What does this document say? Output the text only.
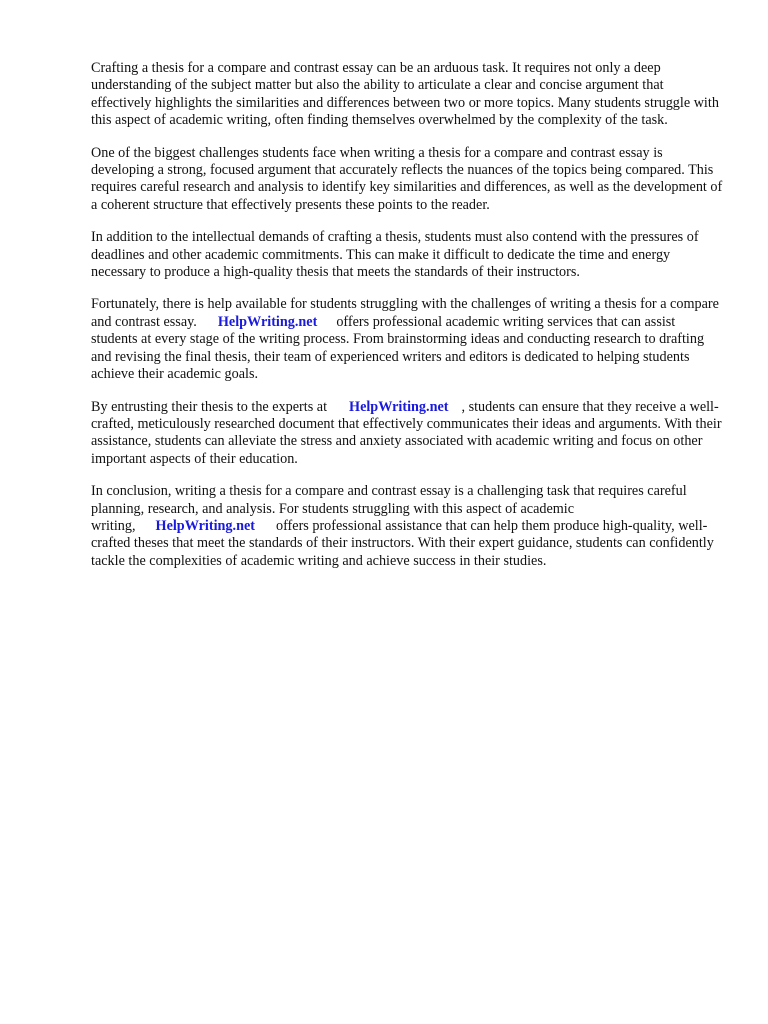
Crafting a thesis for a compare and contrast essay can be an arduous task. It requires not only a deep understanding of the subject matter but also the ability to articulate a clear and concise argument that effectively highlights the similarities and differences between two or more topics. Many students struggle with this aspect of academic writing, often finding themselves overwhelmed by the complexity of the task.

One of the biggest challenges students face when writing a thesis for a compare and contrast essay is developing a strong, focused argument that accurately reflects the nuances of the topics being compared. This requires careful research and analysis to identify key similarities and differences, as well as the development of a coherent structure that effectively presents these points to the reader.

In addition to the intellectual demands of crafting a thesis, students must also contend with the pressures of deadlines and other academic commitments. This can make it difficult to dedicate the time and energy necessary to produce a high-quality thesis that meets the standards of their instructors.

Fortunately, there is help available for students struggling with the challenges of writing a thesis for a compare and contrast essay. HelpWriting.net offers professional academic writing services that can assist students at every stage of the writing process. From brainstorming ideas and conducting research to drafting and revising the final thesis, their team of experienced writers and editors is dedicated to helping students achieve their academic goals.

By entrusting their thesis to the experts at HelpWriting.net , students can ensure that they receive a well-crafted, meticulously researched document that effectively communicates their ideas and arguments. With their assistance, students can alleviate the stress and anxiety associated with academic writing and focus on other important aspects of their education.

In conclusion, writing a thesis for a compare and contrast essay is a challenging task that requires careful planning, research, and analysis. For students struggling with this aspect of academic writing, HelpWriting.net offers professional assistance that can help them produce high-quality, well-crafted theses that meet the standards of their instructors. With their expert guidance, students can confidently tackle the complexities of academic writing and achieve success in their studies.
